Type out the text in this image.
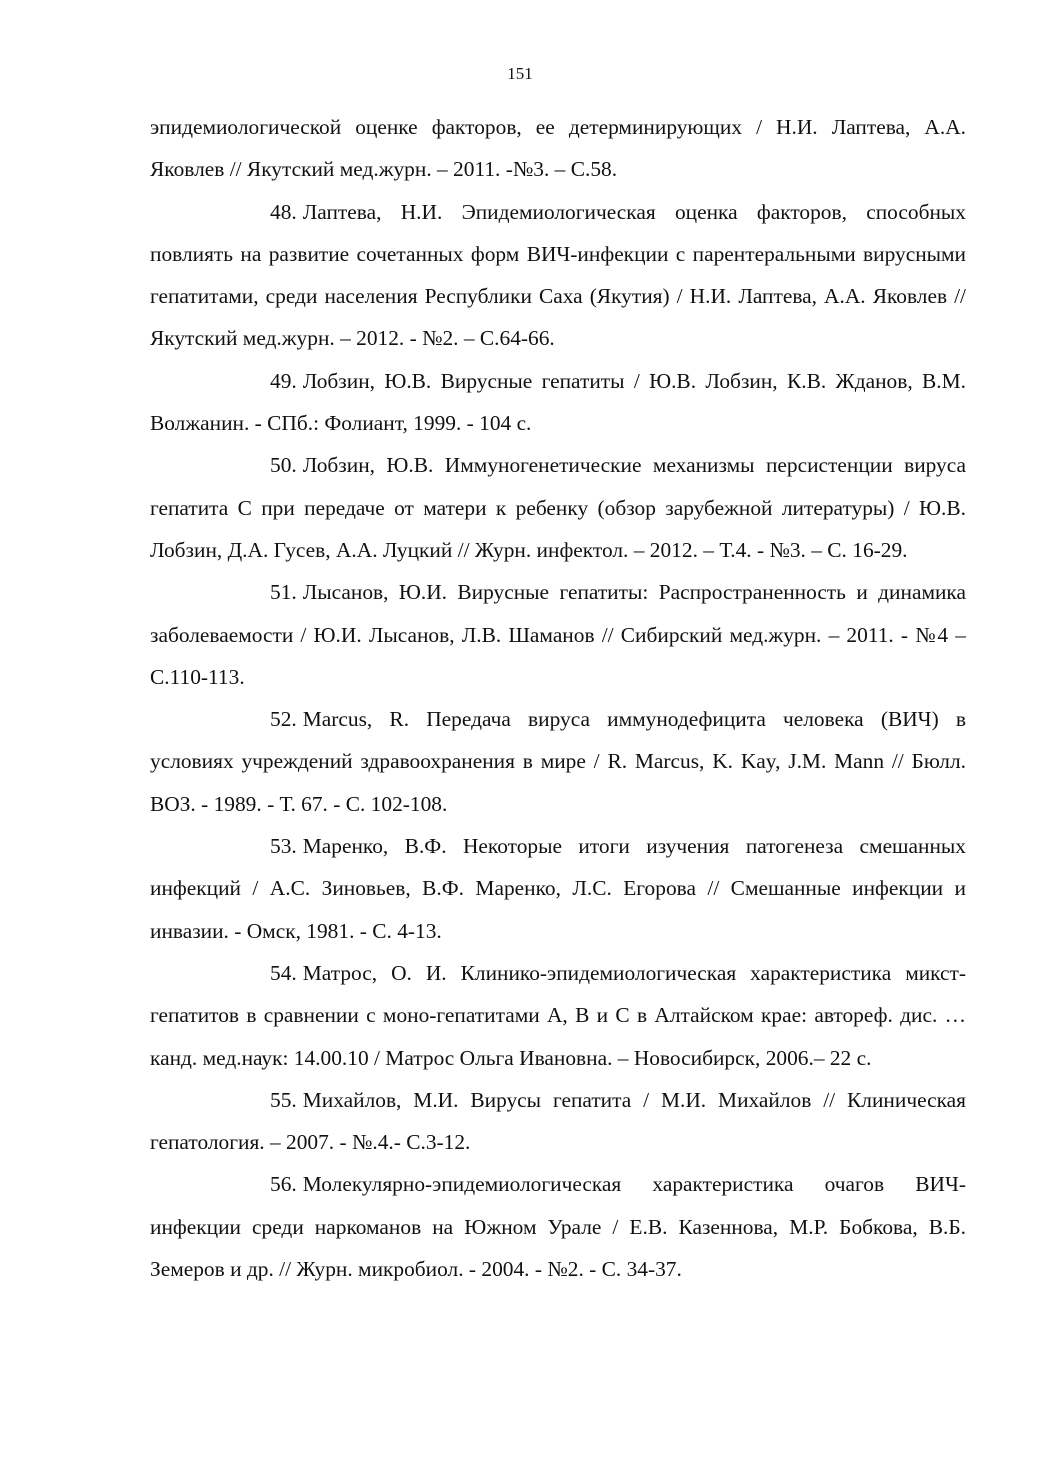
151

эпидемиологической оценке факторов, ее детерминирующих / Н.И. Лаптева, А.А. Яковлев // Якутский мед.журн. – 2011. -№3. – С.58.

48. Лаптева, Н.И. Эпидемиологическая оценка факторов, способных повлиять на развитие сочетанных форм ВИЧ-инфекции с парентеральными вирусными гепатитами, среди населения Республики Саха (Якутия) / Н.И. Лаптева, А.А. Яковлев // Якутский мед.журн. – 2012. - №2. – С.64-66.

49. Лобзин, Ю.В. Вирусные гепатиты / Ю.В. Лобзин, К.В. Жданов, В.М. Волжанин. - СПб.: Фолиант, 1999. - 104 с.

50. Лобзин, Ю.В. Иммуногенетические механизмы персистенции вируса гепатита С при передаче от матери к ребенку (обзор зарубежной литературы) / Ю.В. Лобзин, Д.А. Гусев, А.А. Луцкий // Журн. инфектол. – 2012. – Т.4. - №3. – С. 16-29.

51. Лысанов, Ю.И. Вирусные гепатиты: Распространенность и динамика заболеваемости / Ю.И. Лысанов, Л.В. Шаманов // Сибирский мед.журн. – 2011. - №4 –С.110-113.

52. Marcus, R. Передача вируса иммунодефицита человека (ВИЧ) в условиях учреждений здравоохранения в мире / R. Marcus, K. Kay, J.M. Mann // Бюлл. ВОЗ. - 1989. - Т. 67. - С. 102-108.

53. Маренко, В.Ф. Некоторые итоги изучения патогенеза смешанных инфекций / А.С. Зиновьев, В.Ф. Маренко, Л.С. Егорова // Смешанные инфекции и инвазии. - Омск, 1981. - С. 4-13.

54. Матрос, О. И. Клинико-эпидемиологическая характеристика микст-гепатитов в сравнении с моно-гепатитами А, В и С в Алтайском крае: автореф. дис. … канд. мед.наук: 14.00.10 / Матрос Ольга Ивановна. – Новосибирск, 2006.– 22 с.

55. Михайлов, М.И. Вирусы гепатита / М.И. Михайлов // Клиническая гепатология. – 2007. - №.4.- С.3-12.

56. Молекулярно-эпидемиологическая характеристика очагов ВИЧ-инфекции среди наркоманов на Южном Урале / Е.В. Казеннова, М.Р. Бобкова, В.Б. Земеров и др. // Журн. микробиол. - 2004. - №2. - С. 34-37.
